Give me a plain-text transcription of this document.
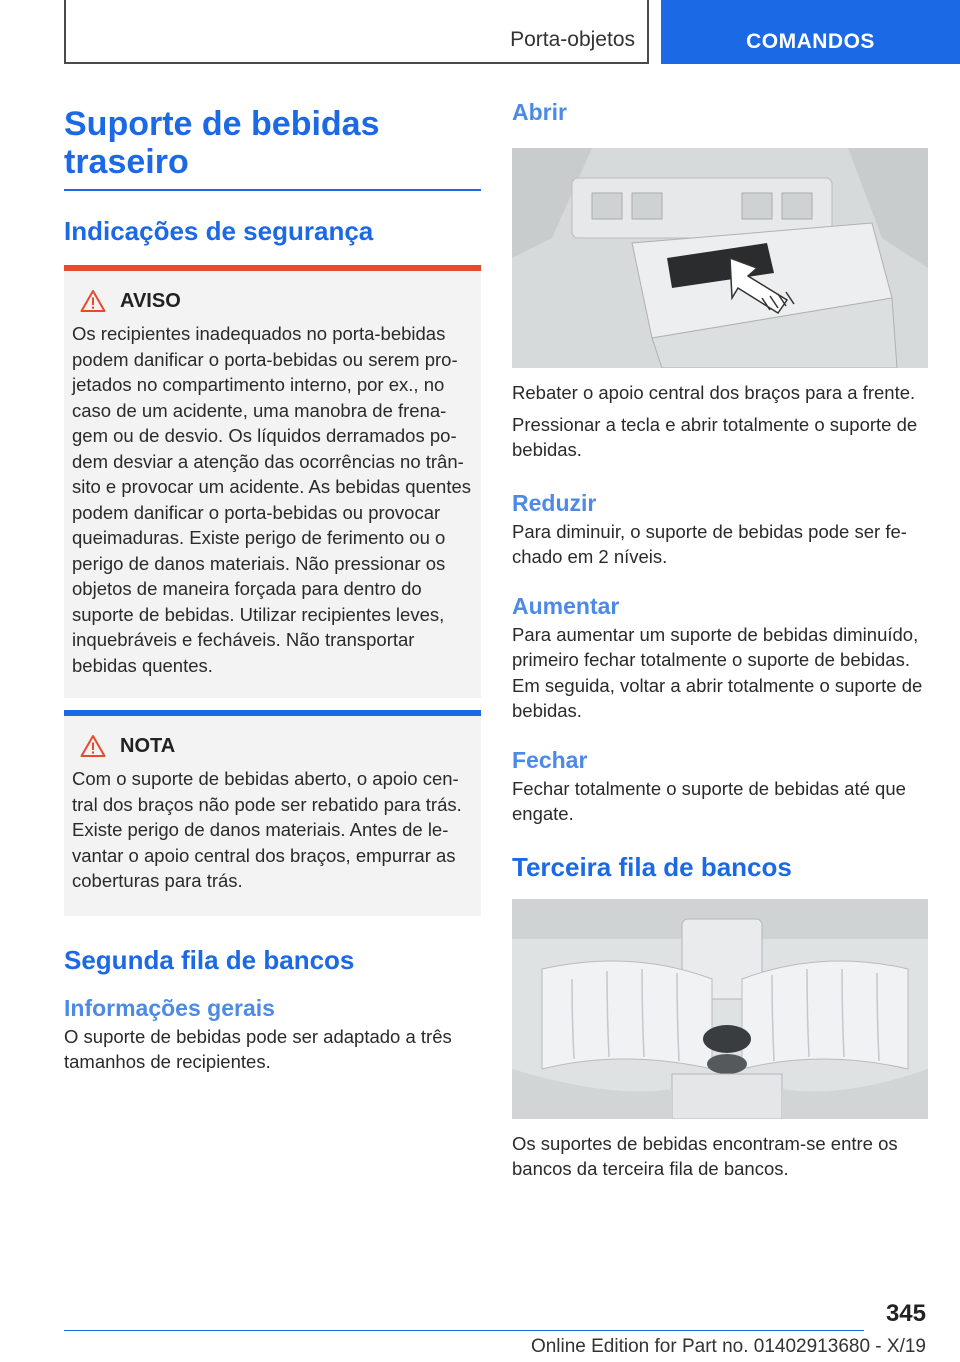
Porta-objetos	COMANDOS
Suporte de bebidas
traseiro
Indicações de segurança
AVISO

Os recipientes inadequados no porta-bebidas podem danificar o porta-bebidas ou serem projetados no compartimento interno, por ex., no caso de um acidente, uma manobra de frenagem ou de desvio. Os líquidos derramados podem desviar a atenção das ocorrências no trânsito e provocar um acidente. As bebidas quentes podem danificar o porta-bebidas ou provocar queimaduras. Existe perigo de ferimento ou o perigo de danos materiais. Não pressionar os objetos de maneira forçada para dentro do suporte de bebidas. Utilizar recipientes leves, inquebráveis e fecháveis. Não transportar bebidas quentes.

NOTA

Com o suporte de bebidas aberto, o apoio central dos braços não pode ser rebatido para trás. Existe perigo de danos materiais. Antes de levantar o apoio central dos braços, empurrar as coberturas para trás.

Segunda fila de bancos
Informações gerais

O suporte de bebidas pode ser adaptado a três tamanhos de recipientes.

Abrir

Rebater o apoio central dos braços para a frente.

Pressionar a tecla e abrir totalmente o suporte de bebidas.

Reduzir

Para diminuir, o suporte de bebidas pode ser fechado em 2 níveis.

Aumentar

Para aumentar um suporte de bebidas diminuído, primeiro fechar totalmente o suporte de bebidas. Em seguida, voltar a abrir totalmente o suporte de bebidas.

Fechar

Fechar totalmente o suporte de bebidas até que engate.

Terceira fila de bancos

Os suportes de bebidas encontram-se entre os bancos da terceira fila de bancos.

345
Online Edition for Part no. 01402913680 - X/19
